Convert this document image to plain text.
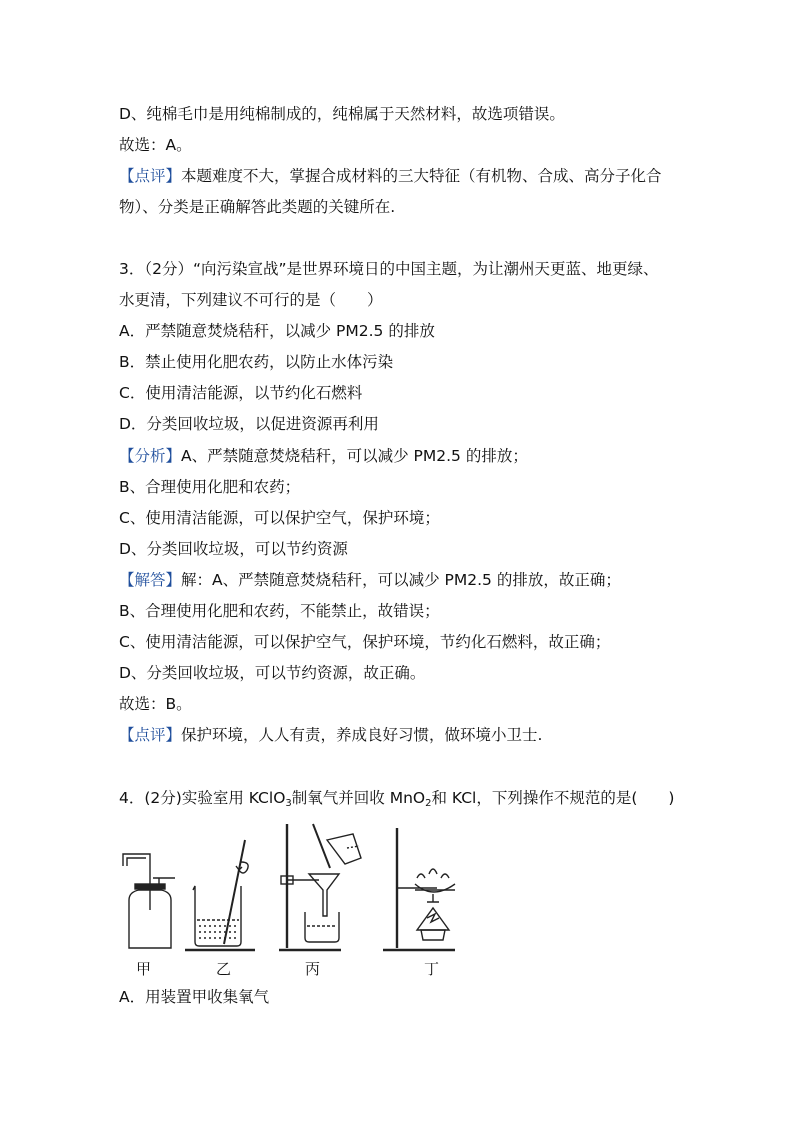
D、纯棉毛巾是用纯棉制成的，纯棉属于天然材料，故选项错误。
故选：A。
【点评】本题难度不大，掌握合成材料的三大特征（有机物、合成、高分子化合
物）、分类是正确解答此类题的关键所在.
3．（2分）“向污染宣战”是世界环境日的中国主题，为让潮州天更蓝、地更绿、
水更清，下列建议不可行的是（　　）
A．严禁随意焚烧秸秆，以减少 PM2.5 的排放
B．禁止使用化肥农药，以防止水体污染
C．使用清洁能源，以节约化石燃料
D．分类回收垃圾，以促进资源再利用
【分析】A、严禁随意焚烧秸秆，可以减少 PM2.5 的排放；
B、合理使用化肥和农药；
C、使用清洁能源，可以保护空气，保护环境；
D、分类回收垃圾，可以节约资源
【解答】解：A、严禁随意焚烧秸秆，可以减少 PM2.5 的排放，故正确；
B、合理使用化肥和农药，不能禁止，故错误；
C、使用清洁能源，可以保护空气，保护环境，节约化石燃料，故正确；
D、分类回收垃圾，可以节约资源，故正确。
故选：B。
【点评】保护环境，人人有责，养成良好习惯，做环境小卫士.
4．(2分)实验室用 KClO$_3$制氧气并回收 MnO$_2$和 KCl，下列操作不规范的是(　　)
甲	乙	丙	丁
A．用装置甲收集氧气
